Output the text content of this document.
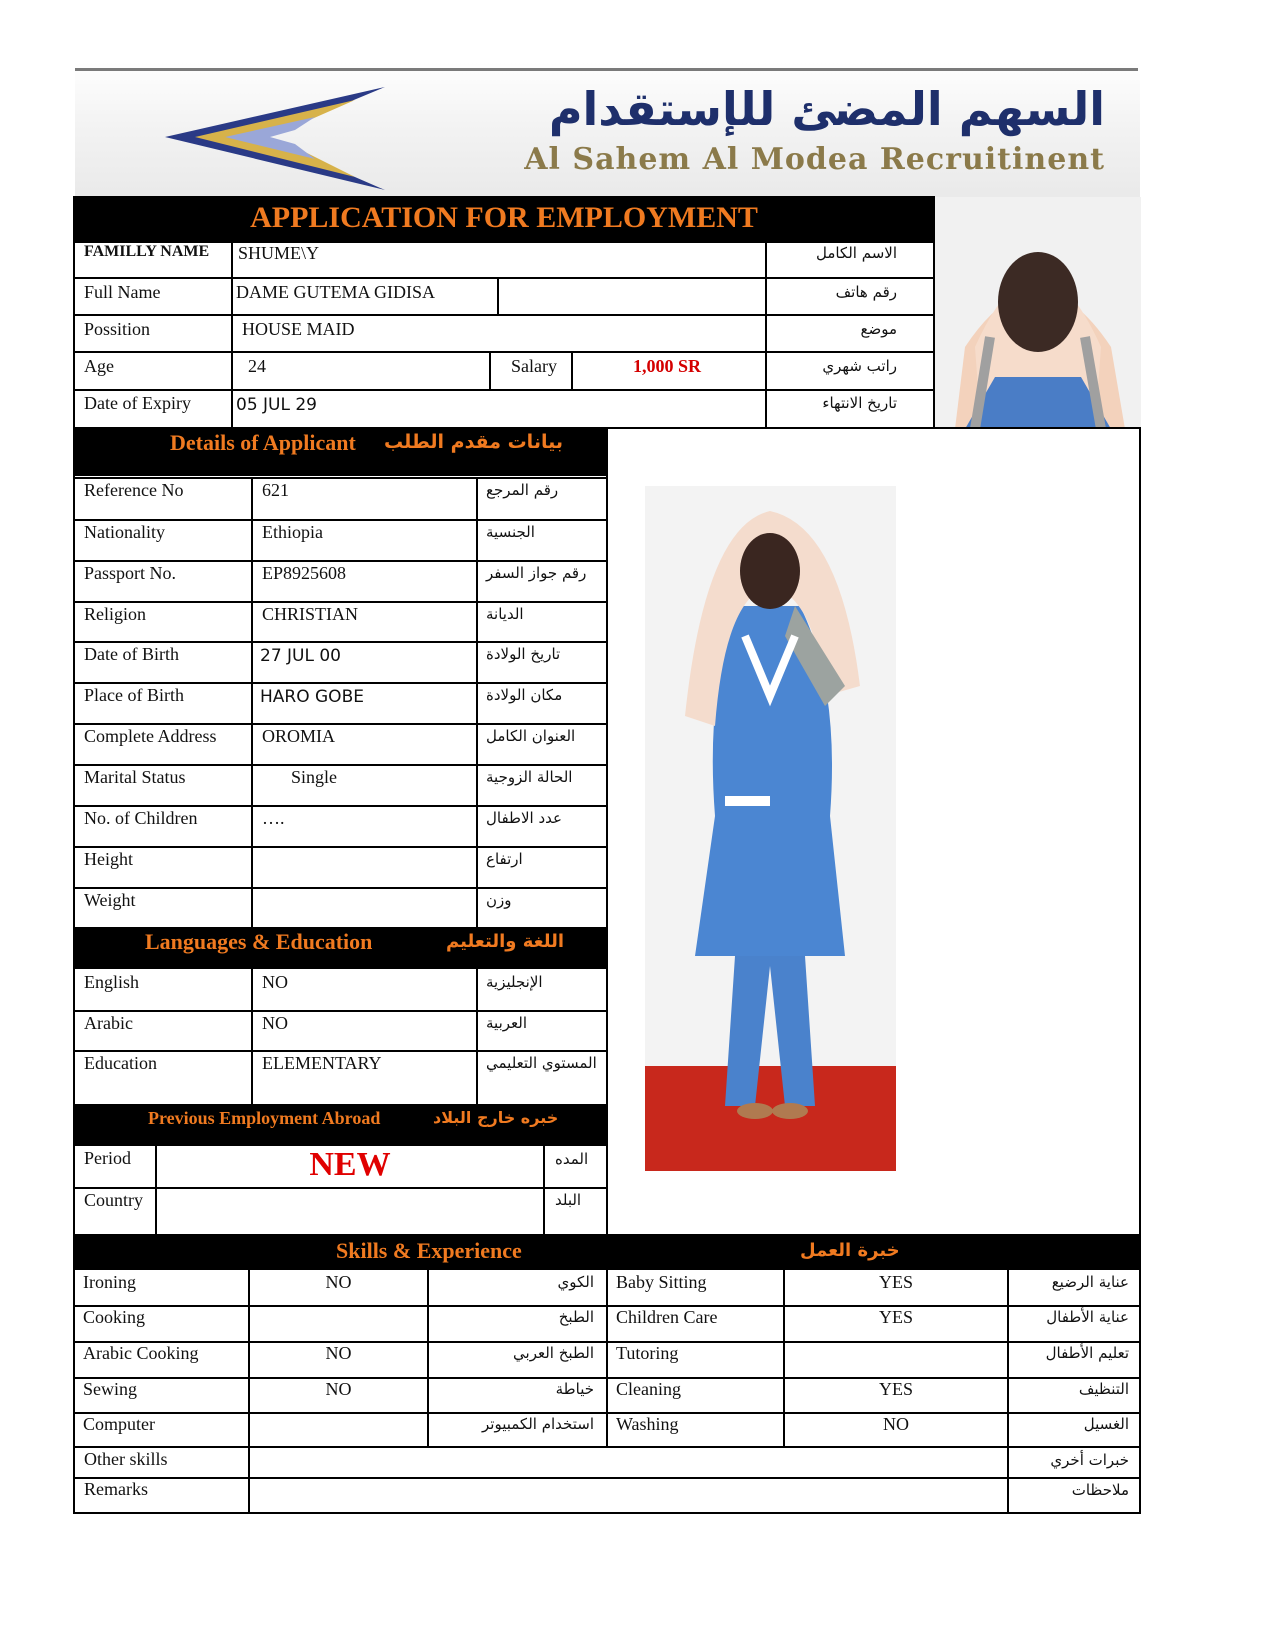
السهم المضئ للإستقدام
Al Sahem Al Modea Recruitinent
APPLICATION FOR EMPLOYMENT
FAMILLY NAME SHUME\Y	الاسم الكامل
Full Name	DAME GUTEMA GIDISA	رقم هاتف
Possition	HOUSE MAID	موضع
Age	24	Salary	1,000 SR	راتب شهري
Date of Expiry	05 JUL 29	تاريخ الانتهاء
Details of Applicant بيانات مقدم الطلب
Reference No	621	رقم المرجع
Nationality	Ethiopia	الجنسية
Passport No.	EP8925608	رقم جواز السفر
Religion	CHRISTIAN	الديانة
Date of Birth	27 JUL 00	تاريخ الولادة
Place of Birth	HARO GOBE	مكان الولادة
Complete Address	OROMIA	العنوان الكامل
Marital Status	Single	الحالة الزوجية
No. of Children	….	عدد الاطفال
Height	ارتفاع
Weight	وزن
Languages & Education	اللغة والتعليم
English	NO	الإنجليزية
Arabic	NO	العربية
Education	ELEMENTARY	المستوي التعليمي
Previous Employment Abroad	خبره خارج البلاد
Period	NEW	المده
Country	البلد
Skills & Experience	خبرة العمل
Ironing	NO	الكوي Baby Sitting	YES	عناية الرضيع
Cooking	الطبخ Children Care	YES	عناية الأطفال
Arabic Cooking	NO	الطبخ العربي Tutoring	تعليم الأطفال
Sewing	NO	خياطة Cleaning	YES	التنظيف
Computer	استخدام الكمبيوتر Washing	NO	الغسيل
Other skills	خبرات أخري
Remarks	ملاحظات
